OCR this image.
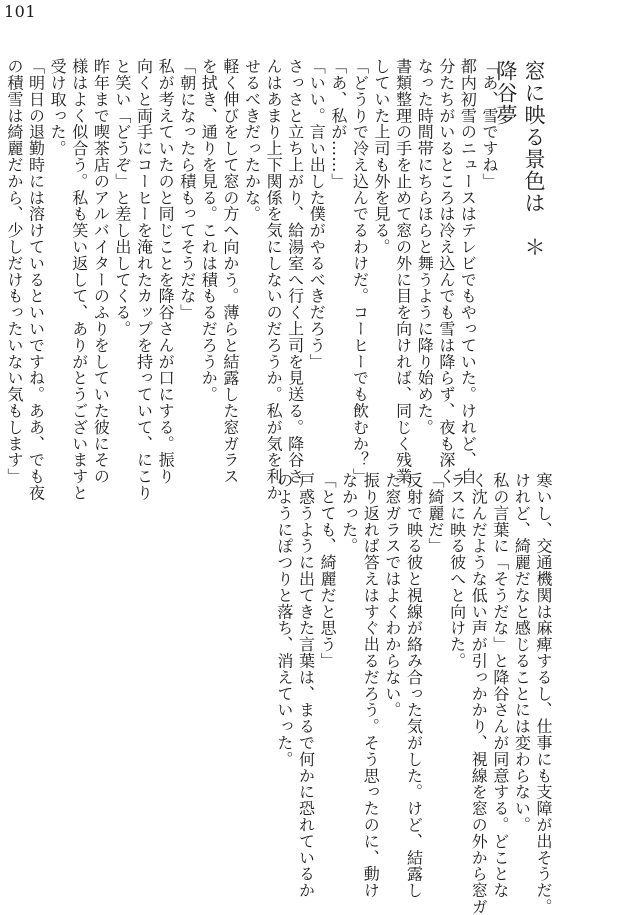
101
窓に映る景色は　＊　降谷夢

「あ、雪ですね」

都内初雪のニュースはテレビでもやっていた。けれど、自

分たちがいるところは冷え込んでも雪は降らず、夜も深く

なった時間帯にちらほらと舞うように降り始めた。

書類整理の手を止めて窓の外に目を向ければ、同じく残業

していた上司も外を見る。

「どうりで冷え込んでるわけだ。コーヒーでも飲むか？」

「あ、私が……」

「いい。言い出した僕がやるべきだろう」

さっさと立ち上がり、給湯室へ行く上司を見送る。降谷さ

んはあまり上下関係を気にしないのだろうか。私が気を利か

せるべきだったかな。

軽く伸びをして窓の方へ向かう。薄らと結露した窓ガラス

を拭き、通りを見る。これは積もるだろうか。

「朝になったら積もってそうだな」

私が考えていたのと同じことを降谷さんが口にする。振り

向くと両手にコーヒーを淹れたカップを持っていて、にこり

と笑い「どうぞ」と差し出してくる。

昨年まで喫茶店のアルバイターのふりをしていた彼にその

様はよく似合う。私も笑い返して、ありがとうございますと

受け取った。

「明日の退勤時には溶けているといいですね。ああ、でも夜

の積雪は綺麗だから、少しだけもったいない気もします」

寒いし、交通機関は麻痺するし、仕事にも支障が出そうだ。

けれど、綺麗だなと感じることには変わらない。

私の言葉に「そうだな」と降谷さんが同意する。どことな

く沈んだような低い声が引っかかり、視線を窓の外から窓ガ

ラスに映る彼へと向けた。

「綺麗だ」

反射で映る彼と視線が絡み合った気がした。けど、結露し

た窓ガラスではよくわからない。

振り返れば答えはすぐ出るだろう。そう思ったのに、動け

なかった。

「とても、綺麗だと思う」

戸惑うように出てきた言葉は、まるで何かに恐れているか

のようにぽつりと落ち、消えていった。
